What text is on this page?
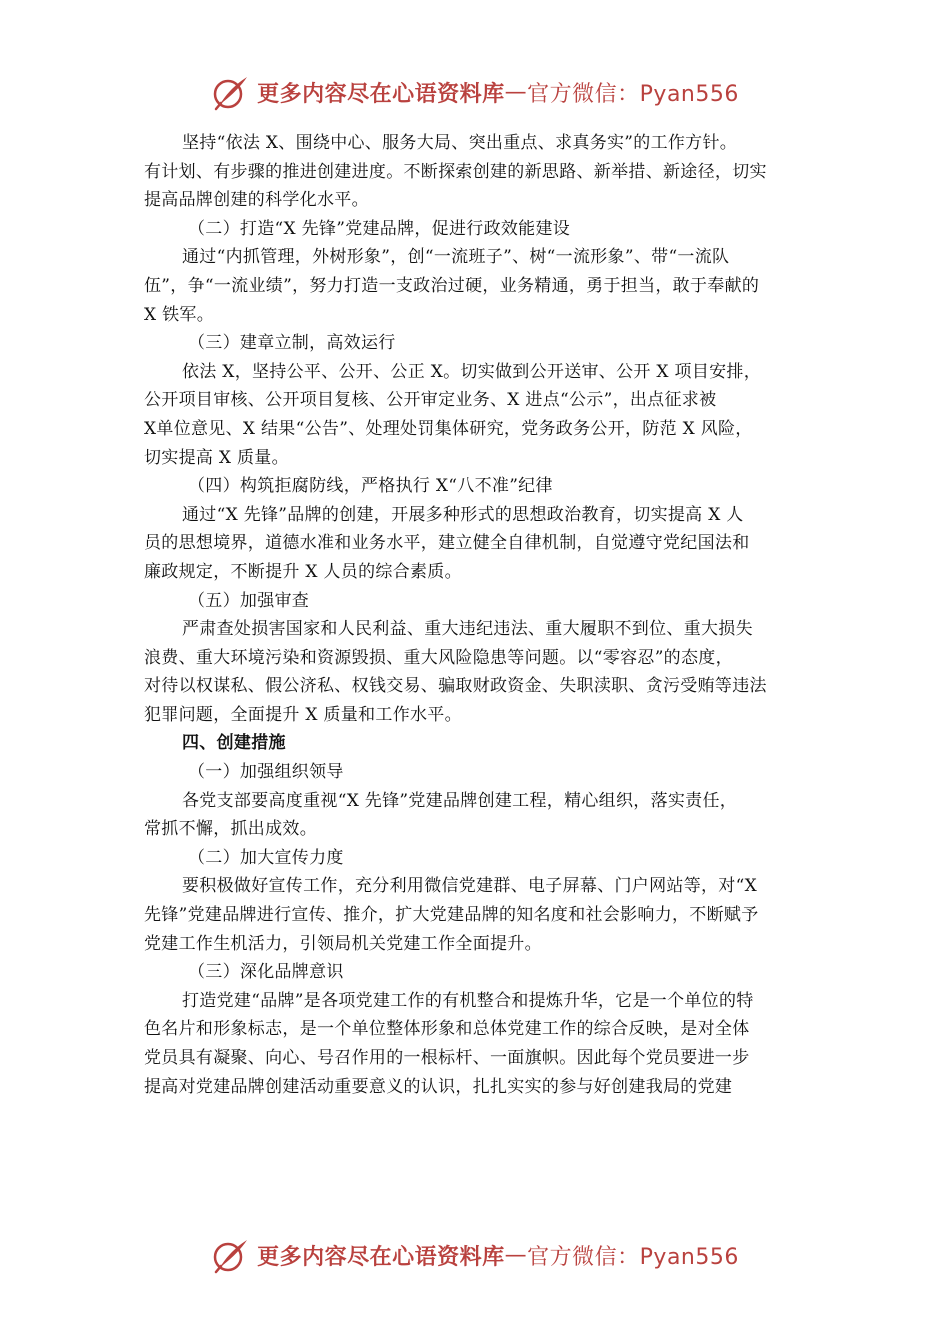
更多内容尽在心语资料库 — 官方微信：Pyan556
坚持“依法 X、围绕中心、服务大局、突出重点、求真务实”的工作方针。
有计划、有步骤的推进创建进度。不断探索创建的新思路、新举措、新途径，切实
提高品牌创建的科学化水平。
（二）打造“X 先锋”党建品牌，促进行政效能建设
通过“内抓管理，外树形象”，创“一流班子”、树“一流形象”、带“一流队
伍”，争“一流业绩”，努力打造一支政治过硬，业务精通，勇于担当，敢于奉献的
X 铁军。
（三）建章立制，高效运行
依法 X，坚持公平、公开、公正 X。切实做到公开送审、公开 X 项目安排，
公开项目审核、公开项目复核、公开审定业务、X 进点“公示”，出点征求被
X单位意见、X 结果“公告”、处理处罚集体研究，党务政务公开，防范 X 风险，
切实提高 X 质量。
（四）构筑拒腐防线，严格执行 X“八不准”纪律
通过“X 先锋”品牌的创建，开展多种形式的思想政治教育，切实提高 X 人
员的思想境界，道德水准和业务水平，建立健全自律机制，自觉遵守党纪国法和
廉政规定，不断提升 X 人员的综合素质。
（五）加强审查
严肃查处损害国家和人民利益、重大违纪违法、重大履职不到位、重大损失
浪费、重大环境污染和资源毁损、重大风险隐患等问题。以“零容忍”的态度，
对待以权谋私、假公济私、权钱交易、骗取财政资金、失职渎职、贪污受贿等违法
犯罪问题，全面提升 X 质量和工作水平。
四、创建措施
（一）加强组织领导
各党支部要高度重视“X 先锋”党建品牌创建工程，精心组织，落实责任，
常抓不懈，抓出成效。
（二）加大宣传力度
要积极做好宣传工作，充分利用微信党建群、电子屏幕、门户网站等，对“X
先锋”党建品牌进行宣传、推介，扩大党建品牌的知名度和社会影响力，不断赋予
党建工作生机活力，引领局机关党建工作全面提升。
（三）深化品牌意识
打造党建“品牌”是各项党建工作的有机整合和提炼升华，它是一个单位的特
色名片和形象标志，是一个单位整体形象和总体党建工作的综合反映，是对全体
党员具有凝聚、向心、号召作用的一根标杆、一面旗帜。因此每个党员要进一步
提高对党建品牌创建活动重要意义的认识，扎扎实实的参与好创建我局的党建
更多内容尽在心语资料库 — 官方微信：Pyan556
